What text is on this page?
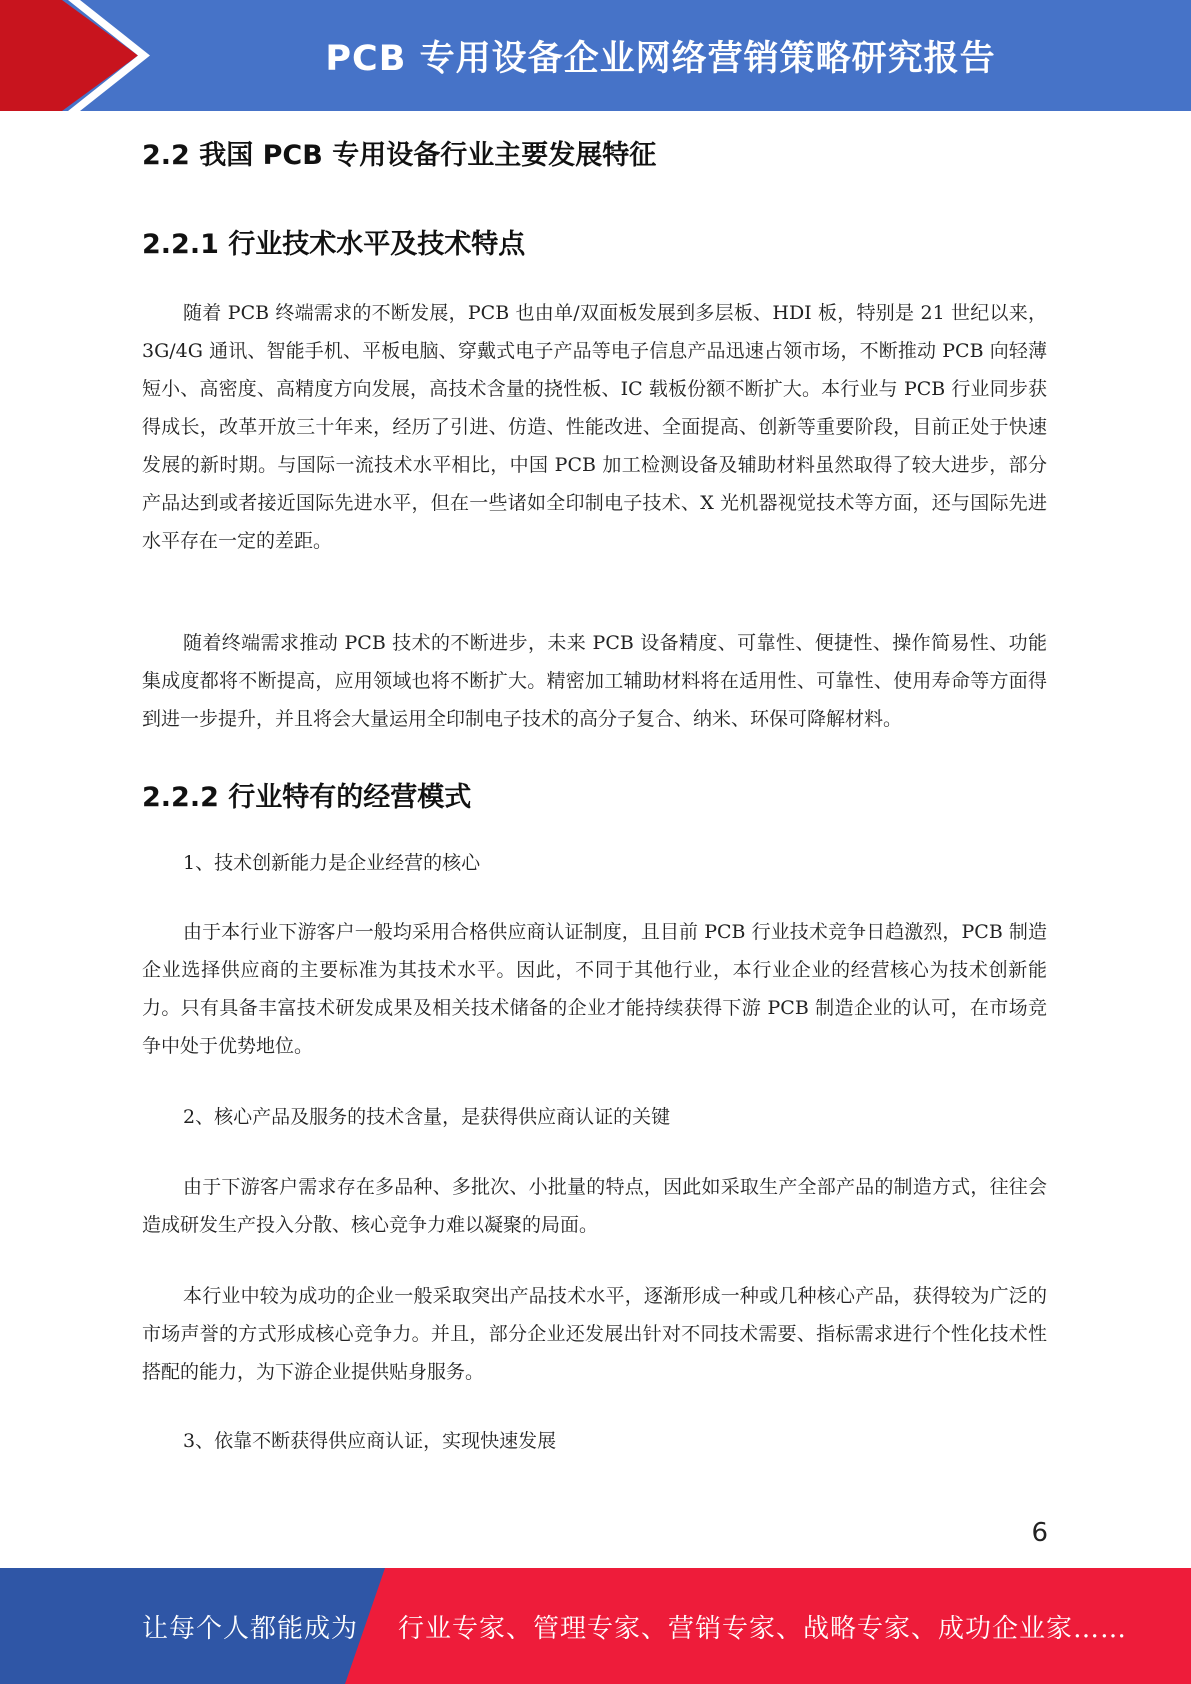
PCB 专用设备企业网络营销策略研究报告
2.2 我国 PCB 专用设备行业主要发展特征
2.2.1 行业技术水平及技术特点

随着 PCB 终端需求的不断发展，PCB 也由单/双面板发展到多层板、HDI 板，特别是 21 世纪以来，3G/4G 通讯、智能手机、平板电脑、穿戴式电子产品等电子信息产品迅速占领市场，不断推动 PCB 向轻薄短小、高密度、高精度方向发展，高技术含量的挠性板、IC 载板份额不断扩大。本行业与 PCB 行业同步获得成长，改革开放三十年来，经历了引进、仿造、性能改进、全面提高、创新等重要阶段，目前正处于快速发展的新时期。与国际一流技术水平相比，中国 PCB 加工检测设备及辅助材料虽然取得了较大进步，部分产品达到或者接近国际先进水平，但在一些诸如全印制电子技术、X 光机器视觉技术等方面，还与国际先进水平存在一定的差距。

随着终端需求推动 PCB 技术的不断进步，未来 PCB 设备精度、可靠性、便捷性、操作简易性、功能集成度都将不断提高，应用领域也将不断扩大。精密加工辅助材料将在适用性、可靠性、使用寿命等方面得到进一步提升，并且将会大量运用全印制电子技术的高分子复合、纳米、环保可降解材料。

2.2.2 行业特有的经营模式

1、技术创新能力是企业经营的核心

由于本行业下游客户一般均采用合格供应商认证制度，且目前 PCB 行业技术竞争日趋激烈，PCB 制造企业选择供应商的主要标准为其技术水平。因此，不同于其他行业，本行业企业的经营核心为技术创新能力。只有具备丰富技术研发成果及相关技术储备的企业才能持续获得下游 PCB 制造企业的认可，在市场竞争中处于优势地位。

2、核心产品及服务的技术含量，是获得供应商认证的关键

由于下游客户需求存在多品种、多批次、小批量的特点，因此如采取生产全部产品的制造方式，往往会造成研发生产投入分散、核心竞争力难以凝聚的局面。

本行业中较为成功的企业一般采取突出产品技术水平，逐渐形成一种或几种核心产品，获得较为广泛的市场声誉的方式形成核心竞争力。并且，部分企业还发展出针对不同技术需要、指标需求进行个性化技术性搭配的能力，为下游企业提供贴身服务。

3、依靠不断获得供应商认证，实现快速发展

6
让每个人都能成为 行业专家、管理专家、营销专家、战略专家、成功企业家……
